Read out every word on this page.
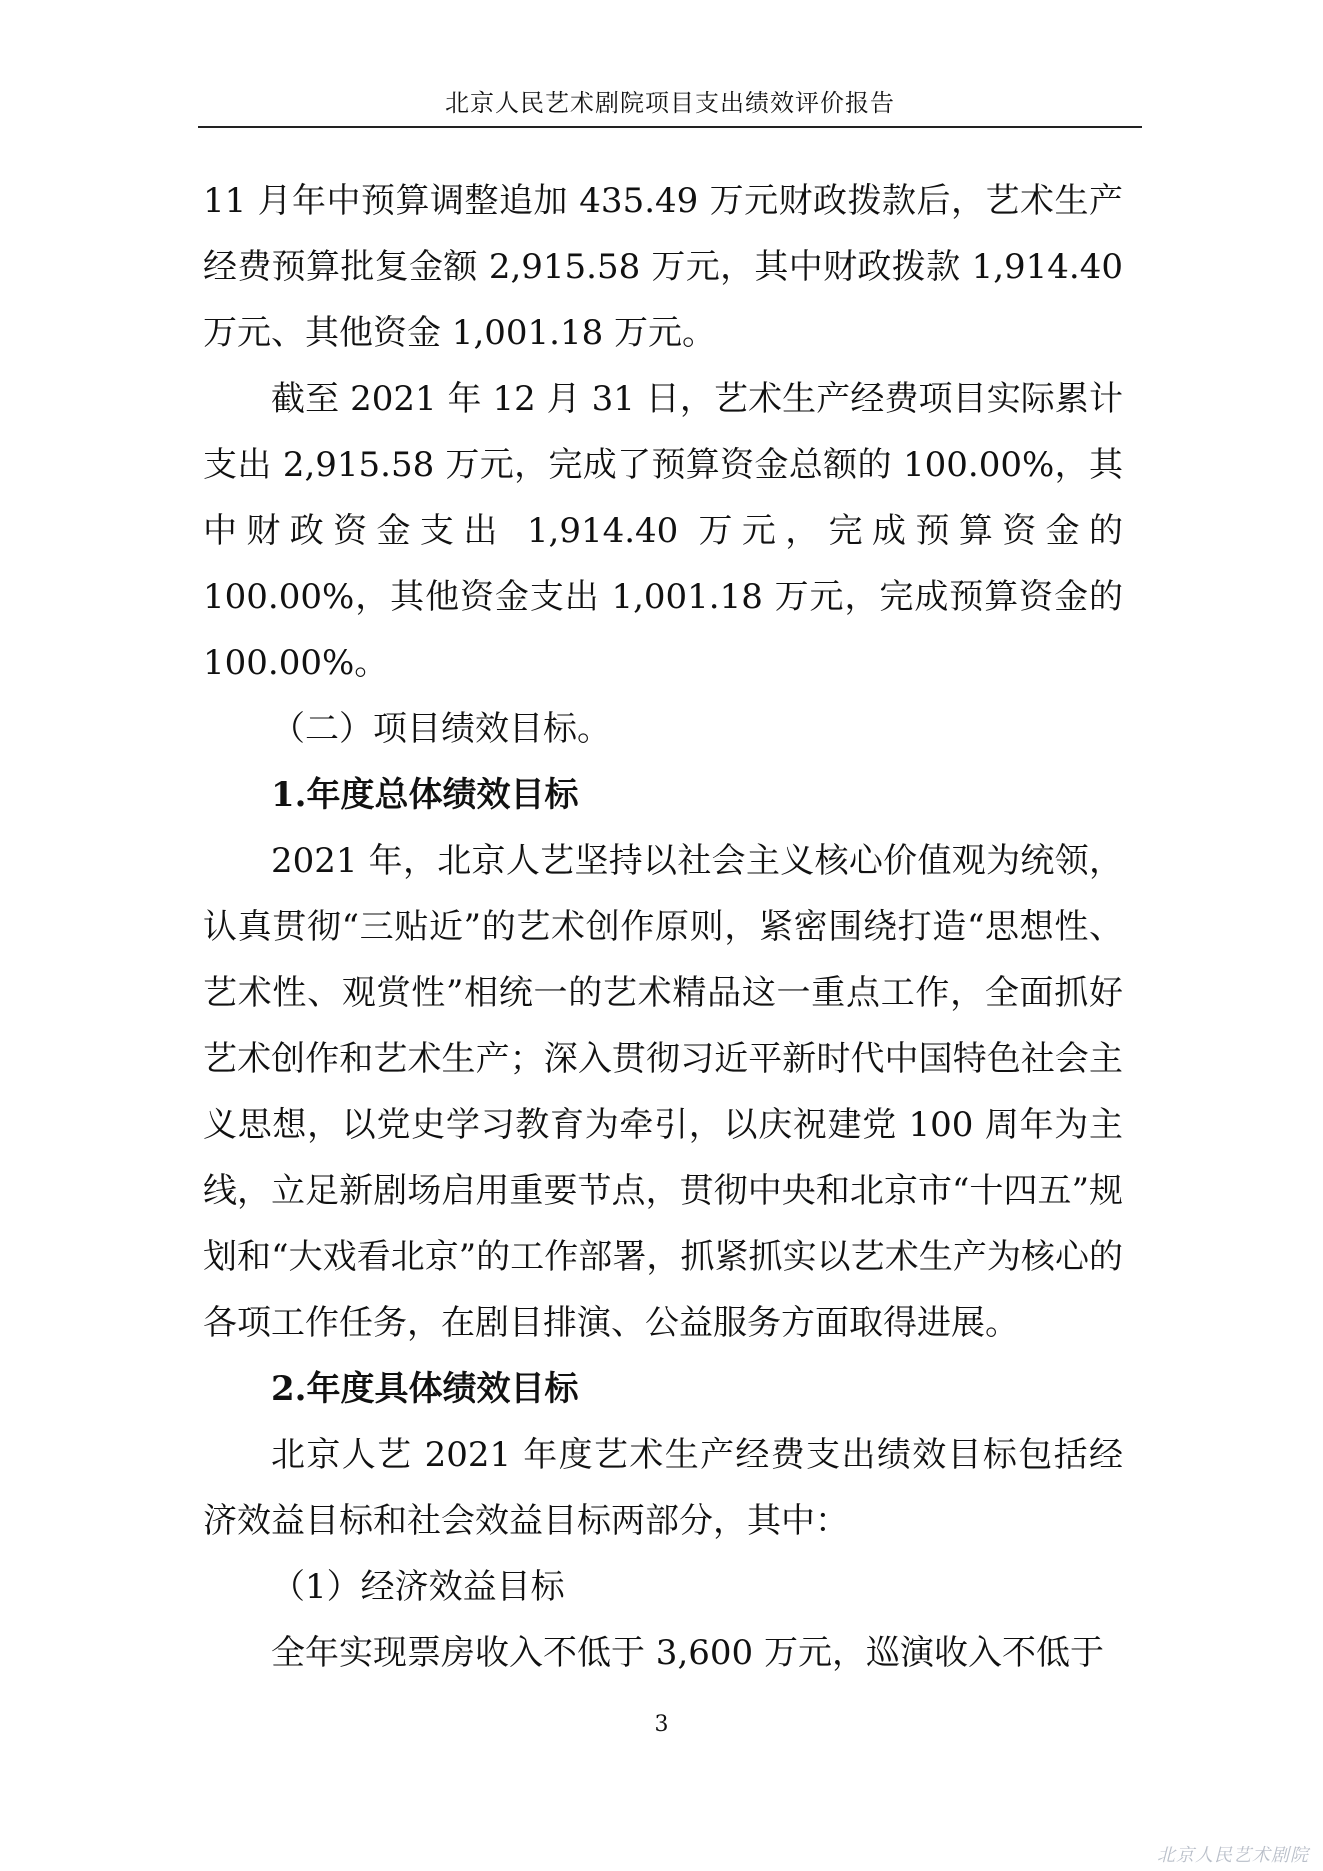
北京人民艺术剧院项目支出绩效评价报告

11 月年中预算调整追加 435.49 万元财政拨款后，艺术生产经费预算批复金额 2,915.58 万元，其中财政拨款 1,914.40 万元、其他资金 1,001.18 万元。

截至 2021 年 12 月 31 日，艺术生产经费项目实际累计支出 2,915.58 万元，完成了预算资金总额的 100.00%，其中财政资金支出 1,914.40 万元，完成预算资金的 100.00%，其他资金支出 1,001.18 万元，完成预算资金的 100.00%。

（二）项目绩效目标。

1.年度总体绩效目标

2021 年，北京人艺坚持以社会主义核心价值观为统领，认真贯彻“三贴近”的艺术创作原则，紧密围绕打造“思想性、艺术性、观赏性”相统一的艺术精品这一重点工作，全面抓好艺术创作和艺术生产；深入贯彻习近平新时代中国特色社会主义思想，以党史学习教育为牵引，以庆祝建党 100 周年为主线，立足新剧场启用重要节点，贯彻中央和北京市“十四五”规划和“大戏看北京”的工作部署，抓紧抓实以艺术生产为核心的各项工作任务，在剧目排演、公益服务方面取得进展。

2.年度具体绩效目标

北京人艺 2021 年度艺术生产经费支出绩效目标包括经济效益目标和社会效益目标两部分，其中：

（1）经济效益目标

全年实现票房收入不低于 3,600 万元，巡演收入不低于

3
北京人民艺术剧院
